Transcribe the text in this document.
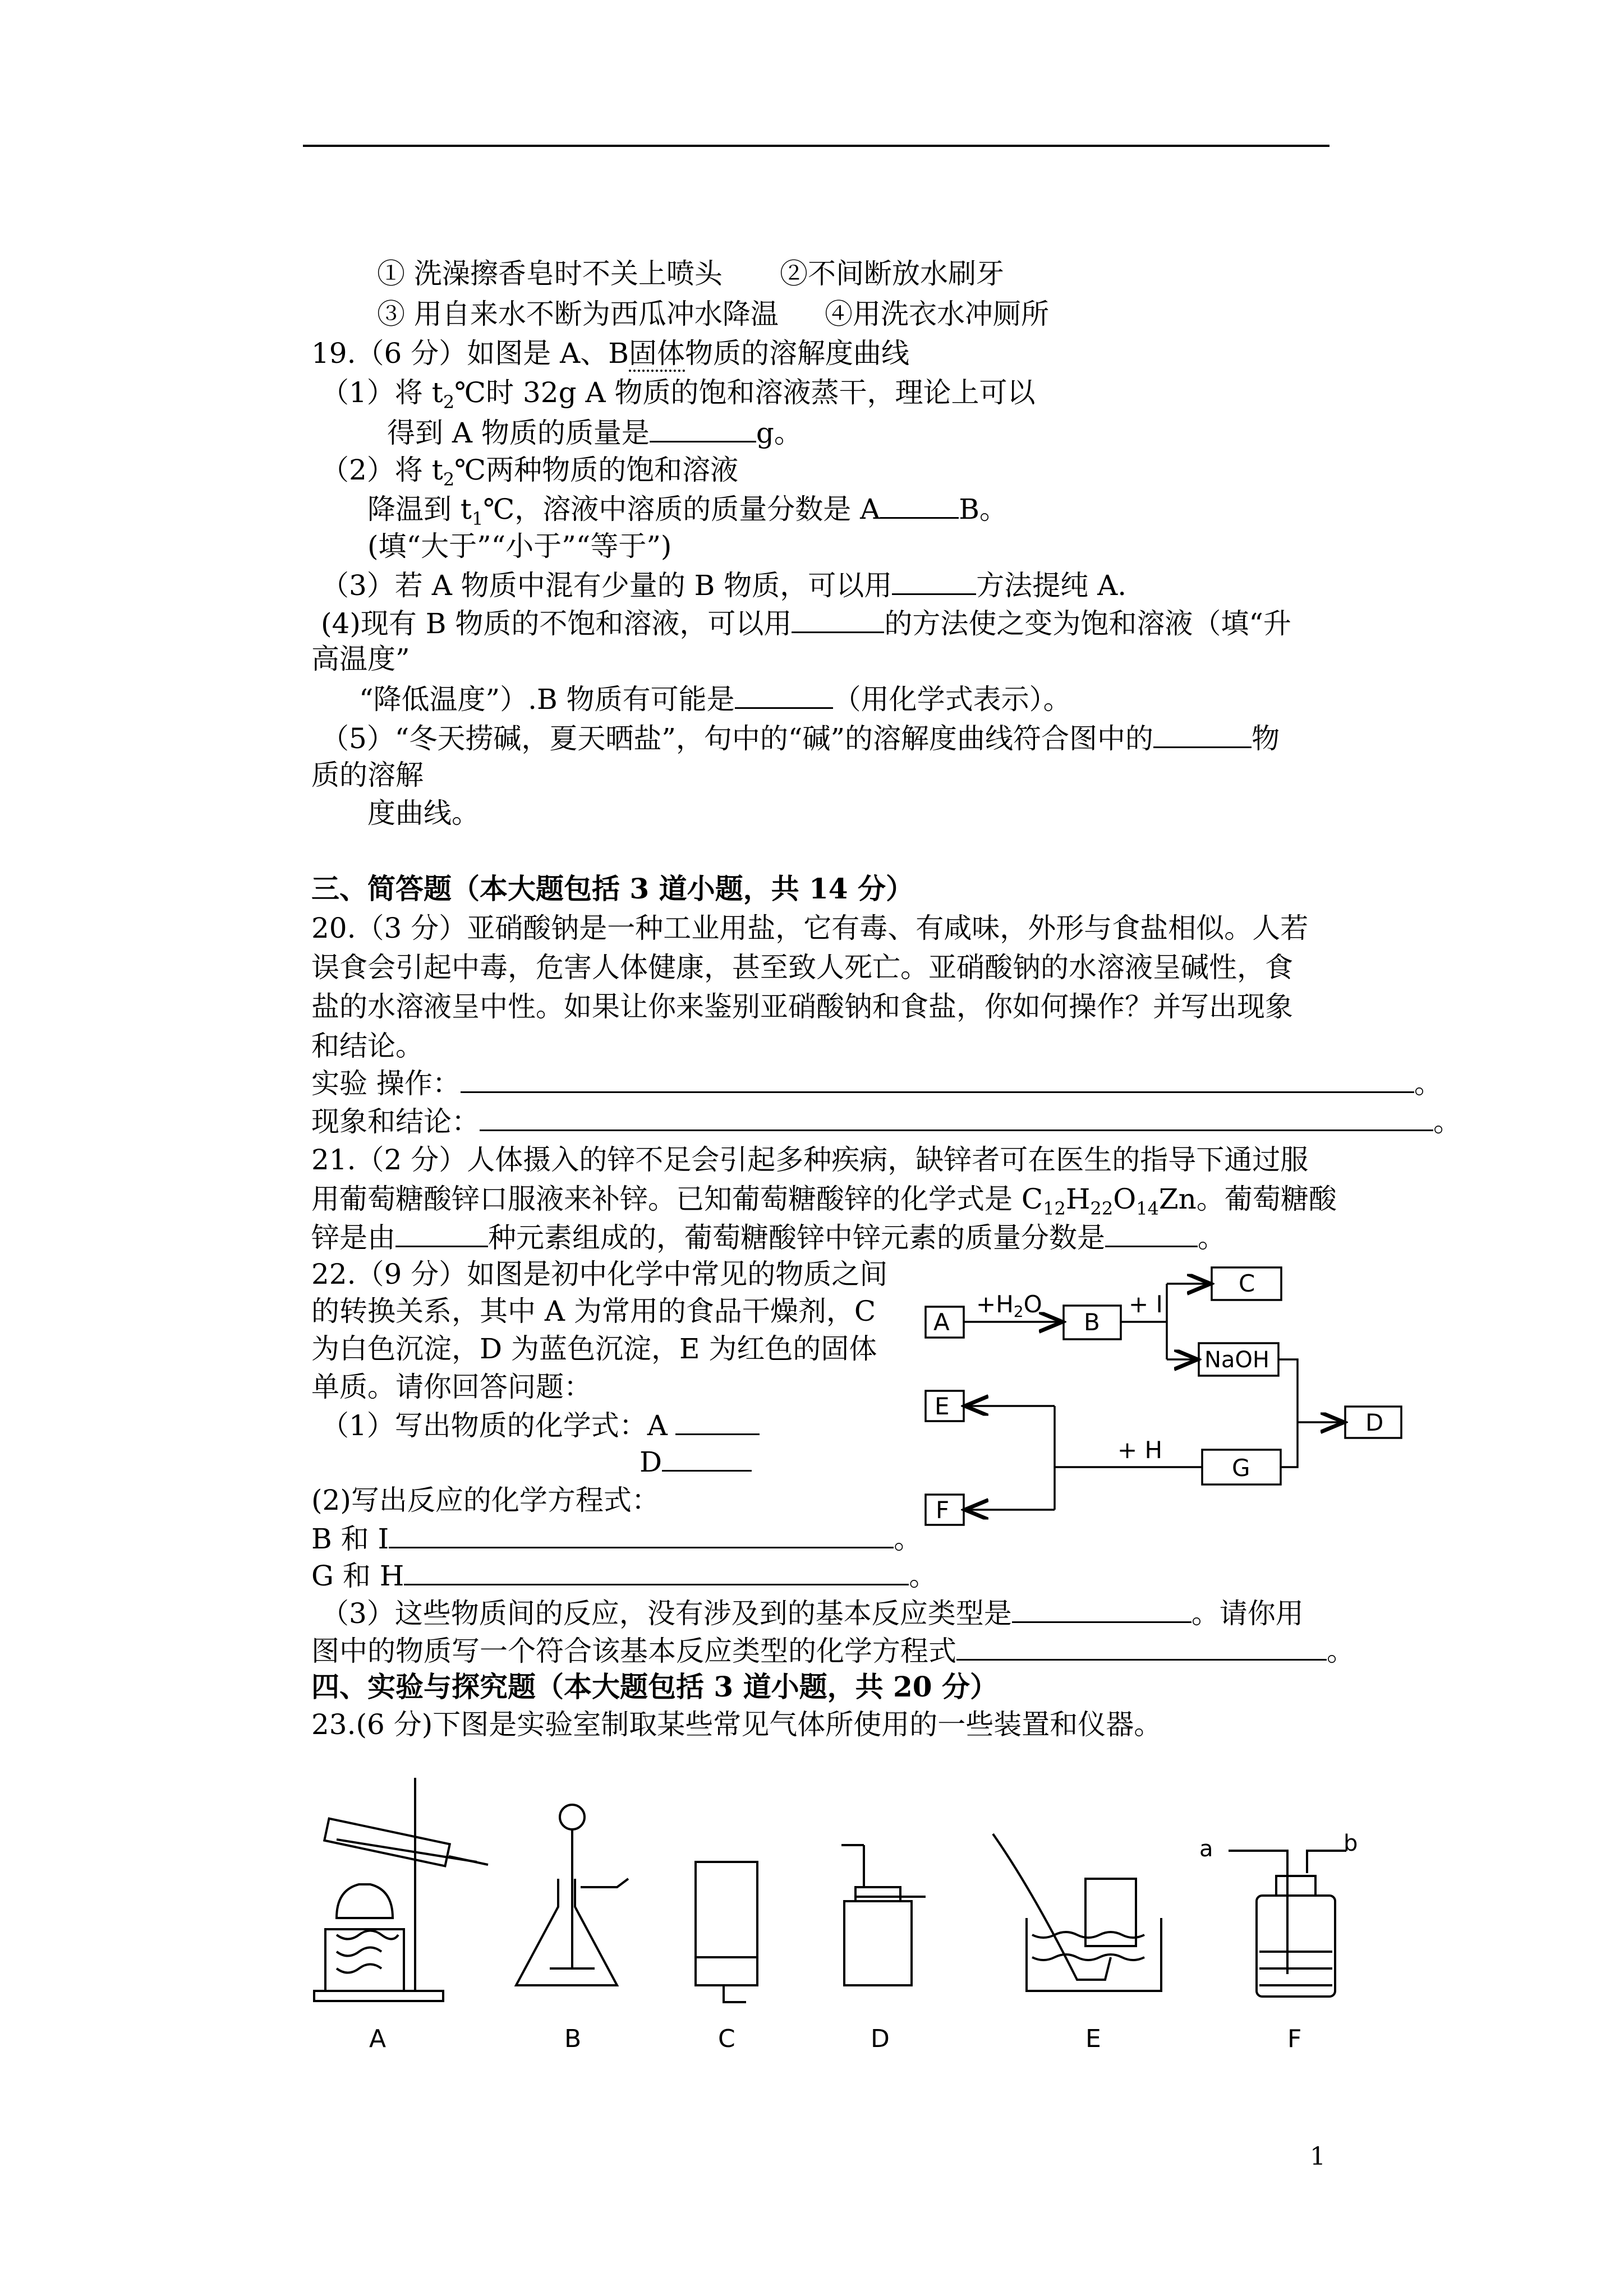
① 洗澡擦香皂时不关上喷头 ②不间断放水刷牙
③ 用自来水不断为西瓜冲水降温 ④用洗衣水冲厕所
19.（6 分）如图是 A、B固体物质的溶解度曲线
（1）将 $t_2℃$时 32g A 物质的饱和溶液蒸干，理论上可以
得到 A 物质的质量是	g。
（2）将 $t_2℃$两种物质的饱和溶液
降温到 $t_1℃$，溶液中溶质的质量分数是 A	B。
(填“大于”“小于”“等于”)
（3）若 A 物质中混有少量的 B 物质，可以用	方法提纯 A.
(4)现有 B 物质的不饱和溶液，可以用	的方法使之变为饱和溶液（填“升
高温度”
“降低温度”）.B 物质有可能是	（用化学式表示）。
（5）“冬天捞碱，夏天晒盐”，句中的“碱”的溶解度曲线符合图中的	物
质的溶解
度曲线。
三、简答题（本大题包括 3 道小题，共 14 分）
20.（3 分）亚硝酸钠是一种工业用盐，它有毒、有咸味，外形与食盐相似。人若
误食会引起中毒，危害人体健康，甚至致人死亡。亚硝酸钠的水溶液呈碱性，食
盐的水溶液呈中性。如果让你来鉴别亚硝酸钠和食盐，你如何操作？并写出现象
和结论。
实验 操作：	。
现象和结论：	。
21.（2 分）人体摄入的锌不足会引起多种疾病，缺锌者可在医生的指导下通过服
用葡萄糖酸锌口服液来补锌。已知葡萄糖酸锌的化学式是 $C_{12}H_{22}O_{14}Zn$。葡萄糖酸
锌是由	种元素组成的，葡萄糖酸锌中锌元素的质量分数是	。
22.（9 分）如图是初中化学中常见的物质之间
的转换关系，其中 A 为常用的食品干燥剂，C
为白色沉淀，D 为蓝色沉淀，E 为红色的固体
单质。请你回答问题：
（1）写出物质的化学式：A
D
(2)写出反应的化学方程式：
B 和 I	。
G 和 H	。
（3）这些物质间的反应，没有涉及到的基本反应类型是	。请你用
图中的物质写一个符合该基本反应类型的化学方程式	。
A	B
C
NaOH
D
E
G
F
+H2O	+ I
+ H
四、实验与探究题（本大题包括 3 道小题，共 20 分）
23.(6 分)下图是实验室制取某些常见气体所使用的一些装置和仪器。
A	B	C	D	E	F
a	b
1
